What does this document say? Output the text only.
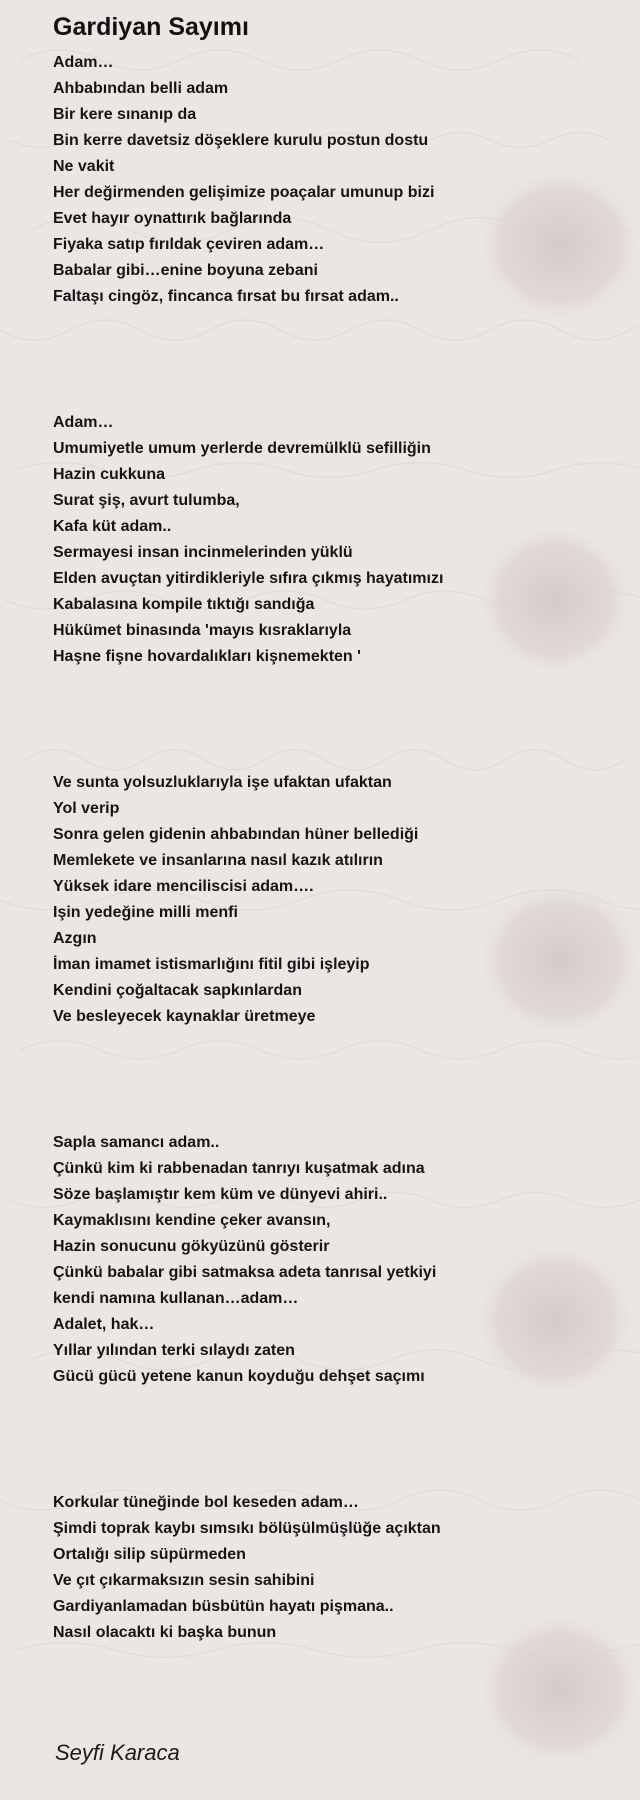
Gardiyan Sayımı
Adam…
Ahbabından belli adam
Bir kere sınanıp da
Bin kerre davetsiz döşeklere kurulu postun dostu
Ne vakit
Her değirmenden gelişimize poaçalar umunup bizi
Evet hayır oynattırık bağlarında
Fiyaka satıp fırıldak çeviren adam…
Babalar gibi…enine boyuna zebani
Faltaşı cingöz, fincanca fırsat bu fırsat adam..
Adam…
Umumiyetle umum yerlerde devremülklü sefilliğin
Hazin cukkuna
Surat şiş, avurt tulumba,
Kafa küt adam..
Sermayesi insan incinmelerinden yüklü
Elden avuçtan yitirdikleriyle sıfıra çıkmış hayatımızı
Kabalasına kompile tıktığı sandığa
Hükümet binasında 'mayıs kısraklarıyla
Haşne fişne hovardalıkları kişnemekten '
Ve sunta yolsuzluklarıyla işe ufaktan ufaktan
Yol verip
Sonra gelen gidenin ahbabından hüner bellediği
Memlekete ve insanlarına nasıl kazık atılırın
Yüksek idare menciliscisi adam….
Işin yedeğine milli menfi
Azgın
İman imamet istismarlığını fitil gibi işleyip
Kendini çoğaltacak sapkınlardan
Ve besleyecek kaynaklar üretmeye
Sapla samancı adam..
Çünkü kim ki rabbenadan tanrıyı kuşatmak adına
Söze başlamıştır kem küm ve dünyevi ahiri..
Kaymaklısını kendine çeker avansın,
Hazin sonucunu gökyüzünü gösterir
Çünkü babalar gibi satmaksa adeta tanrısal yetkiyi
kendi namına kullanan…adam…
Adalet, hak…
Yıllar yılından terki sılaydı zaten
Gücü gücü yetene kanun koyduğu dehşet saçımı
Korkular tüneğinde bol keseden adam…
Şimdi toprak kaybı sımsıkı bölüşülmüşlüğe açıktan
Ortalığı silip süpürmeden
Ve çıt çıkarmaksızın sesin sahibini
Gardiyanlamadan büsbütün hayatı pişmana..
Nasıl olacaktı ki başka bunun
Seyfi Karaca
